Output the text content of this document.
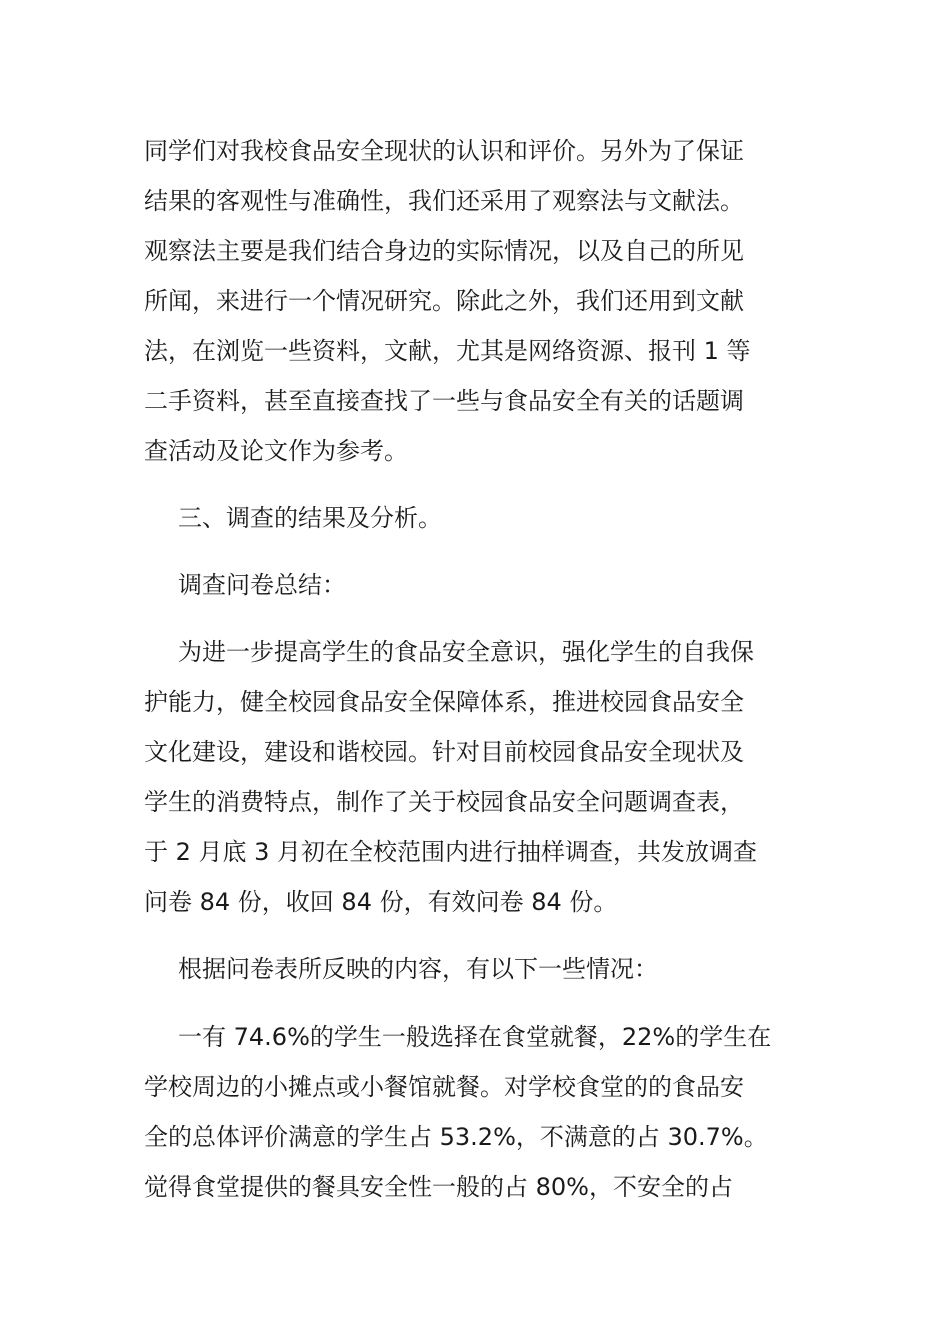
同学们对我校食品安全现状的认识和评价。另外为了保证
结果的客观性与准确性，我们还采用了观察法与文献法。
观察法主要是我们结合身边的实际情况，以及自己的所见
所闻，来进行一个情况研究。除此之外，我们还用到文献
法，在浏览一些资料，文献，尤其是网络资源、报刊 1 等
二手资料，甚至直接查找了一些与食品安全有关的话题调
查活动及论文作为参考。
三、调查的结果及分析。
调查问卷总结：
为进一步提高学生的食品安全意识，强化学生的自我保
护能力，健全校园食品安全保障体系，推进校园食品安全
文化建设，建设和谐校园。针对目前校园食品安全现状及
学生的消费特点，制作了关于校园食品安全问题调查表，
于 2 月底 3 月初在全校范围内进行抽样调查，共发放调查
问卷 84 份，收回 84 份，有效问卷 84 份。
根据问卷表所反映的内容，有以下一些情况：
一有 74.6%的学生一般选择在食堂就餐，22%的学生在
学校周边的小摊点或小餐馆就餐。对学校食堂的的食品安
全的总体评价满意的学生占 53.2%，不满意的占 30.7%。
觉得食堂提供的餐具安全性一般的占 80%，不安全的占
